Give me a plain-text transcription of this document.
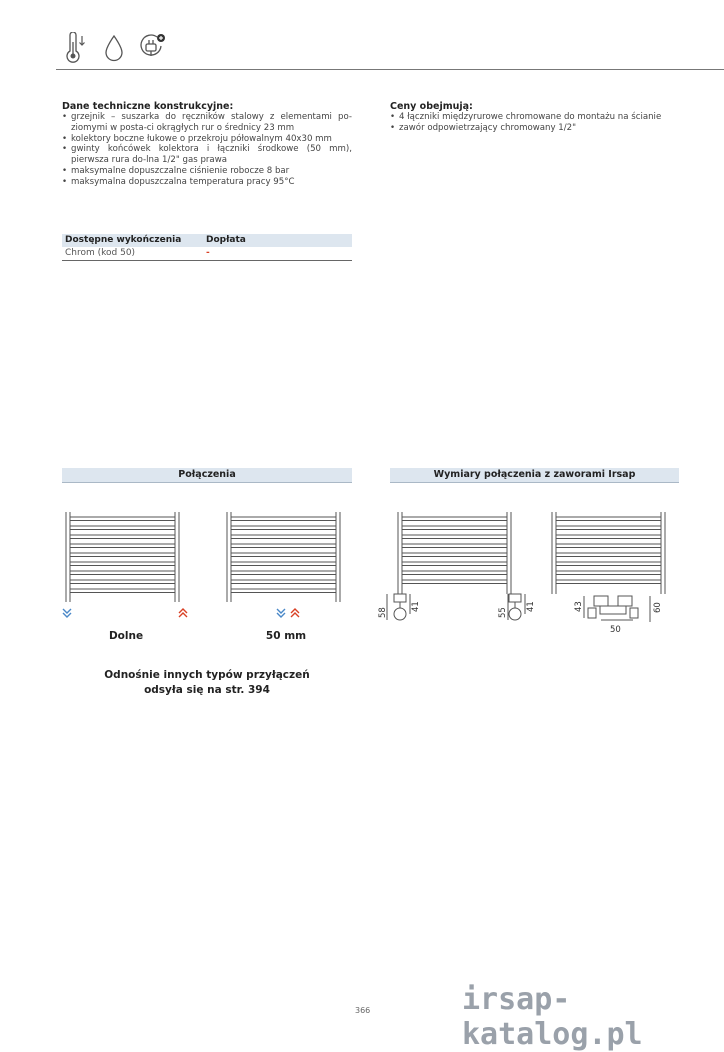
Dane techniczne konstrukcyjne:
• grzejnik – suszarka do ręczników stalowy z elementami po-ziomymi w posta-ci okrągłych rur o średnicy 23 mm
• kolektory boczne łukowe o przekroju półowalnym 40x30 mm
• gwinty końcówek kolektora i łączniki środkowe (50 mm), pierwsza rura do-lna 1/2" gas prawa
• maksymalne dopuszczalne ciśnienie robocze 8 bar
• maksymalna dopuszczalna temperatura pracy 95°C
Ceny obejmują:
• 4 łączniki międzyrurowe chromowane do montażu na ścianie
• zawór odpowietrzający chromowany 1/2"
Dostępne wykończenia	Dopłata
Chrom (kod 50)	-
Połączenia	Wymiary połączenia z zaworami Irsap
Dolne	50 mm
Odnośnie innych typów przyłączeń
odsyła się na str. 394
58
41
55
41	43	60
50
366	irsap-katalog.pl
